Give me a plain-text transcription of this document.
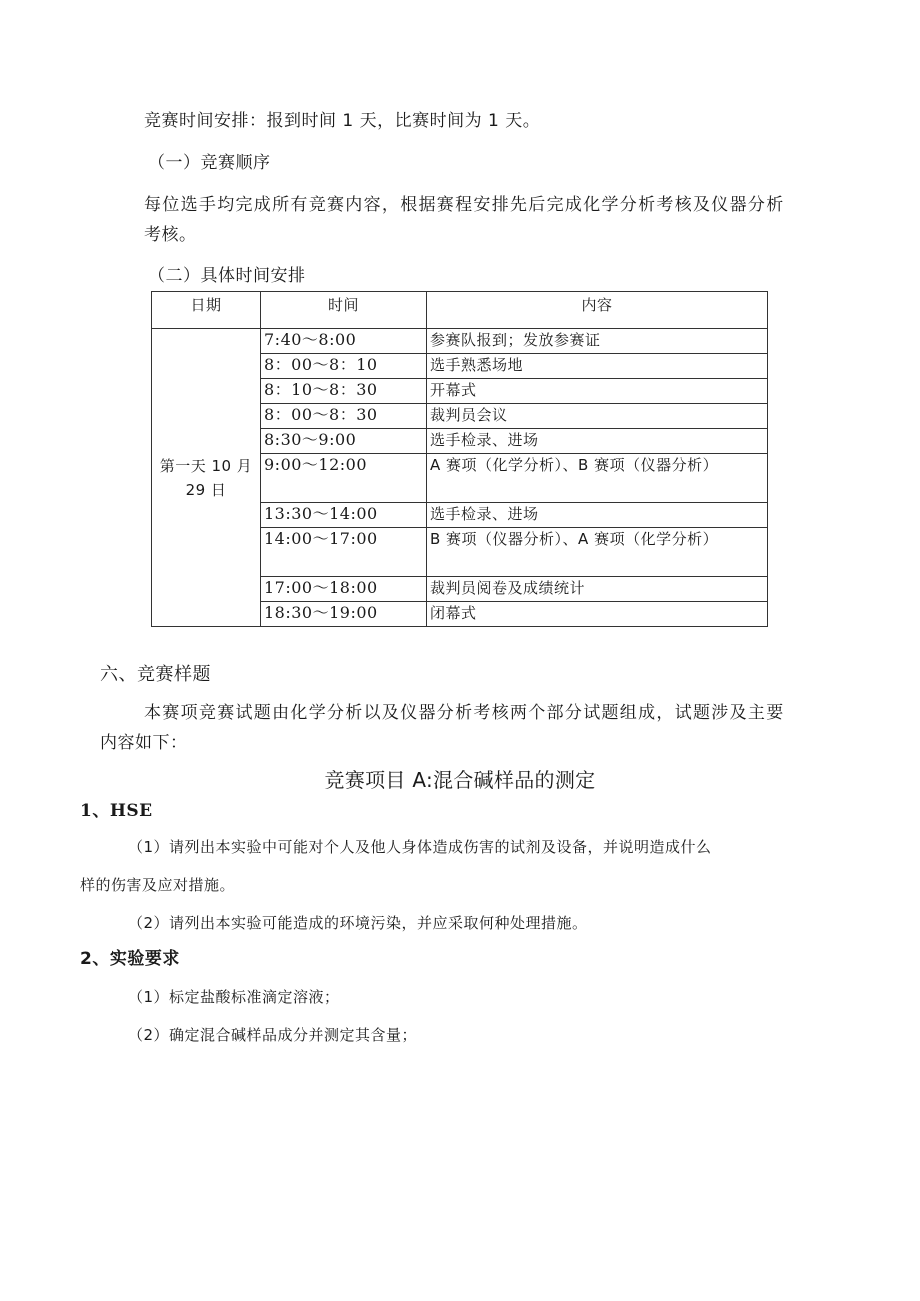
竞赛时间安排：报到时间 1 天，比赛时间为 1 天。
（一）竞赛顺序
每位选手均完成所有竞赛内容，根据赛程安排先后完成化学分析考核及仪器分析
考核。
（二）具体时间安排
日期	时间	内容
第一天 10 月
29 日	7:40～8:00	参赛队报到；发放参赛证
	8：00～8：10	选手熟悉场地
	8：10～8：30	开幕式
	8：00～8：30	裁判员会议
	8:30～9:00	选手检录、进场
	9:00～12:00	A 赛项（化学分析）、B 赛项（仪器分析）
	13:30～14:00	选手检录、进场
	14:00～17:00	B 赛项（仪器分析）、A 赛项（化学分析）
	17:00～18:00	裁判员阅卷及成绩统计
	18:30～19:00	闭幕式
六、竞赛样题
本赛项竞赛试题由化学分析以及仪器分析考核两个部分试题组成，试题涉及主要
内容如下：
竞赛项目 A:混合碱样品的测定
1、HSE
（1）请列出本实验中可能对个人及他人身体造成伤害的试剂及设备，并说明造成什么
样的伤害及应对措施。
（2）请列出本实验可能造成的环境污染，并应采取何种处理措施。
2、实验要求
（1）标定盐酸标准滴定溶液；
（2）确定混合碱样品成分并测定其含量；
